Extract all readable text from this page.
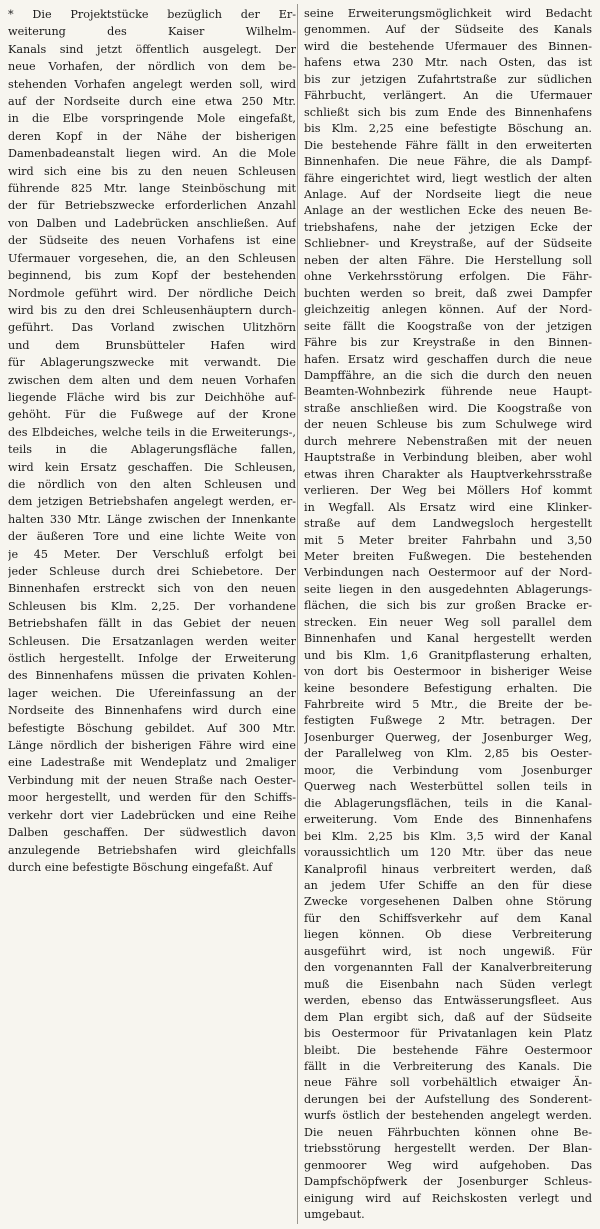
* Die Projektstücke bezüglich der Er-
weiterung des Kaiser Wilhelm-
Kanals sind jetzt öffentlich ausgelegt. Der
neue Vorhafen, der nördlich von dem be-
stehenden Vorhafen angelegt werden soll, wird
auf der Nordseite durch eine etwa 250 Mtr.
in die Elbe vorspringende Mole eingefaßt,
deren Kopf in der Nähe der bisherigen
Damenbadeanstalt liegen wird. An die Mole
wird sich eine bis zu den neuen Schleusen
führende 825 Mtr. lange Steinböschung mit
der für Betriebszwecke erforderlichen Anzahl
von Dalben und Ladebrücken anschließen. Auf
der Südseite des neuen Vorhafens ist eine
Ufermauer vorgesehen, die, an den Schleusen
beginnend, bis zum Kopf der bestehenden
Nordmole geführt wird. Der nördliche Deich
wird bis zu den drei Schleusenhäuptern durch-
geführt. Das Vorland zwischen Ulitzhörn
und dem Brunsbütteler Hafen wird
für Ablagerungszwecke mit verwandt. Die
zwischen dem alten und dem neuen Vorhafen
liegende Fläche wird bis zur Deichhöhe auf-
gehöht. Für die Fußwege auf der Krone
des Elbdeiches, welche teils in die Erweiterungs-,
teils in die Ablagerungsfläche fallen,
wird kein Ersatz geschaffen. Die Schleusen,
die nördlich von den alten Schleusen und
dem jetzigen Betriebshafen angelegt werden, er-
halten 330 Mtr. Länge zwischen der Innenkante
der äußeren Tore und eine lichte Weite von
je 45 Meter. Der Verschluß erfolgt bei
jeder Schleuse durch drei Schiebetore. Der
Binnenhafen erstreckt sich von den neuen
Schleusen bis Klm. 2,25. Der vorhandene
Betriebshafen fällt in das Gebiet der neuen
Schleusen. Die Ersatzanlagen werden weiter
östlich hergestellt. Infolge der Erweiterung
des Binnenhafens müssen die privaten Kohlen-
lager weichen. Die Ufereinfassung an der
Nordseite des Binnenhafens wird durch eine
befestigte Böschung gebildet. Auf 300 Mtr.
Länge nördlich der bisherigen Fähre wird eine
eine Ladestraße mit Wendeplatz und 2maliger
Verbindung mit der neuen Straße nach Oester-
moor hergestellt, und werden für den Schiffs-
verkehr dort vier Ladebrücken und eine Reihe
Dalben geschaffen. Der südwestlich davon
anzulegende Betriebshafen wird gleichfalls
durch eine befestigte Böschung eingefaßt. Auf
seine Erweiterungsmöglichkeit wird Bedacht
genommen. Auf der Südseite des Kanals
wird die bestehende Ufermauer des Binnen-
hafens etwa 230 Mtr. nach Osten, das ist
bis zur jetzigen Zufahrtstraße zur südlichen
Fährbucht, verlängert. An die Ufermauer
schließt sich bis zum Ende des Binnenhafens
bis Klm. 2,25 eine befestigte Böschung an.
Die bestehende Fähre fällt in den erweiterten
Binnenhafen. Die neue Fähre, die als Dampf-
fähre eingerichtet wird, liegt westlich der alten
Anlage. Auf der Nordseite liegt die neue
Anlage an der westlichen Ecke des neuen Be-
triebshafens, nahe der jetzigen Ecke der
Schliebner- und Kreystraße, auf der Südseite
neben der alten Fähre. Die Herstellung soll
ohne Verkehrsstörung erfolgen. Die Fähr-
buchten werden so breit, daß zwei Dampfer
gleichzeitig anlegen können. Auf der Nord-
seite fällt die Koogstraße von der jetzigen
Fähre bis zur Kreystraße in den Binnen-
hafen. Ersatz wird geschaffen durch die neue
Dampffähre, an die sich die durch den neuen
Beamten-Wohnbezirk führende neue Haupt-
straße anschließen wird. Die Koogstraße von
der neuen Schleuse bis zum Schulwege wird
durch mehrere Nebenstraßen mit der neuen
Hauptstraße in Verbindung bleiben, aber wohl
etwas ihren Charakter als Hauptverkehrsstraße
verlieren. Der Weg bei Möllers Hof kommt
in Wegfall. Als Ersatz wird eine Klinker-
straße auf dem Landwegsloch hergestellt
mit 5 Meter breiter Fahrbahn und 3,50
Meter breiten Fußwegen. Die bestehenden
Verbindungen nach Oestermoor auf der Nord-
seite liegen in den ausgedehnten Ablagerungs-
flächen, die sich bis zur großen Bracke er-
strecken. Ein neuer Weg soll parallel dem
Binnenhafen und Kanal hergestellt werden
und bis Klm. 1,6 Granitpflasterung erhalten,
von dort bis Oestermoor in bisheriger Weise
keine besondere Befestigung erhalten. Die
Fahrbreite wird 5 Mtr., die Breite der be-
festigten Fußwege 2 Mtr. betragen. Der
Josenburger Querweg, der Josenburger Weg,
der Parallelweg von Klm. 2,85 bis Oester-
moor, die Verbindung vom Josenburger
Querweg nach Westerbüttel sollen teils in
die Ablagerungsflächen, teils in die Kanal-
erweiterung. Vom Ende des Binnenhafens
bei Klm. 2,25 bis Klm. 3,5 wird der Kanal
voraussichtlich um 120 Mtr. über das neue
Kanalprofil hinaus verbreitert werden, daß
an jedem Ufer Schiffe an den für diese
Zwecke vorgesehenen Dalben ohne Störung
für den Schiffsverkehr auf dem Kanal
liegen können. Ob diese Verbreiterung
ausgeführt wird, ist noch ungewiß. Für
den vorgenannten Fall der Kanalverbreiterung
muß die Eisenbahn nach Süden verlegt
werden, ebenso das Entwässerungsfleet. Aus
dem Plan ergibt sich, daß auf der Südseite
bis Oestermoor für Privatanlagen kein Platz
bleibt. Die bestehende Fähre Oestermoor
fällt in die Verbreiterung des Kanals. Die
neue Fähre soll vorbehältlich etwaiger Än-
derungen bei der Aufstellung des Sonderent-
wurfs östlich der bestehenden angelegt werden.
Die neuen Fährbuchten können ohne Be-
triebsstörung hergestellt werden. Der Blan-
genmoorer Weg wird aufgehoben. Das
Dampfschöpfwerk der Josenburger Schleus-
einigung wird auf Reichskosten verlegt und
umgebaut.
